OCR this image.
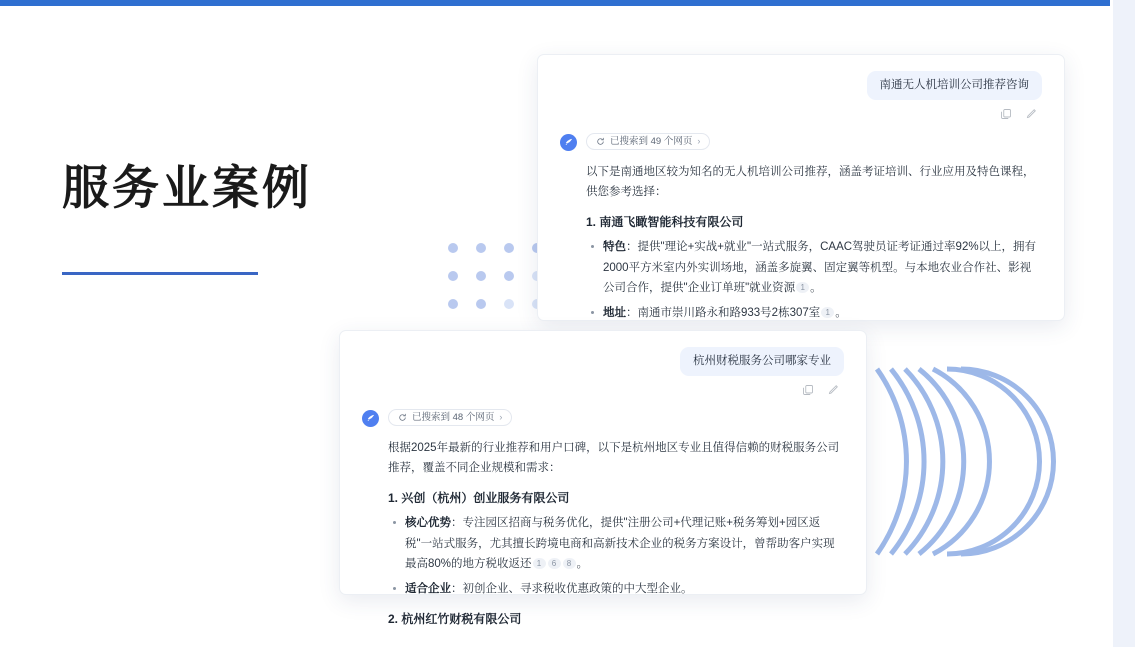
服务业案例
南通无人机培训公司推荐咨询
已搜索到 49 个网页 ›
以下是南通地区较为知名的无人机培训公司推荐，涵盖考证培训、行业应用及特色课程，供您参考选择：
1. 南通飞瞰智能科技有限公司
特色：提供"理论+实战+就业"一站式服务，CAAC驾驶员证考证通过率92%以上，拥有2000平方米室内外实训场地，涵盖多旋翼、固定翼等机型。与本地农业合作社、影视公司合作，提供"企业订单班"就业资源 1 。
地址：南通市崇川路永和路933号2栋307室 1 。
杭州财税服务公司哪家专业
已搜索到 48 个网页 ›
根据2025年最新的行业推荐和用户口碑，以下是杭州地区专业且值得信赖的财税服务公司推荐，覆盖不同企业规模和需求：
1. 兴创（杭州）创业服务有限公司
核心优势：专注园区招商与税务优化，提供"注册公司+代理记账+税务筹划+园区返税"一站式服务，尤其擅长跨境电商和高新技术企业的税务方案设计，曾帮助客户实现最高80%的地方税收返还 1 6 8 。
适合企业：初创企业、寻求税收优惠政策的中大型企业。
2. 杭州红竹财税有限公司
